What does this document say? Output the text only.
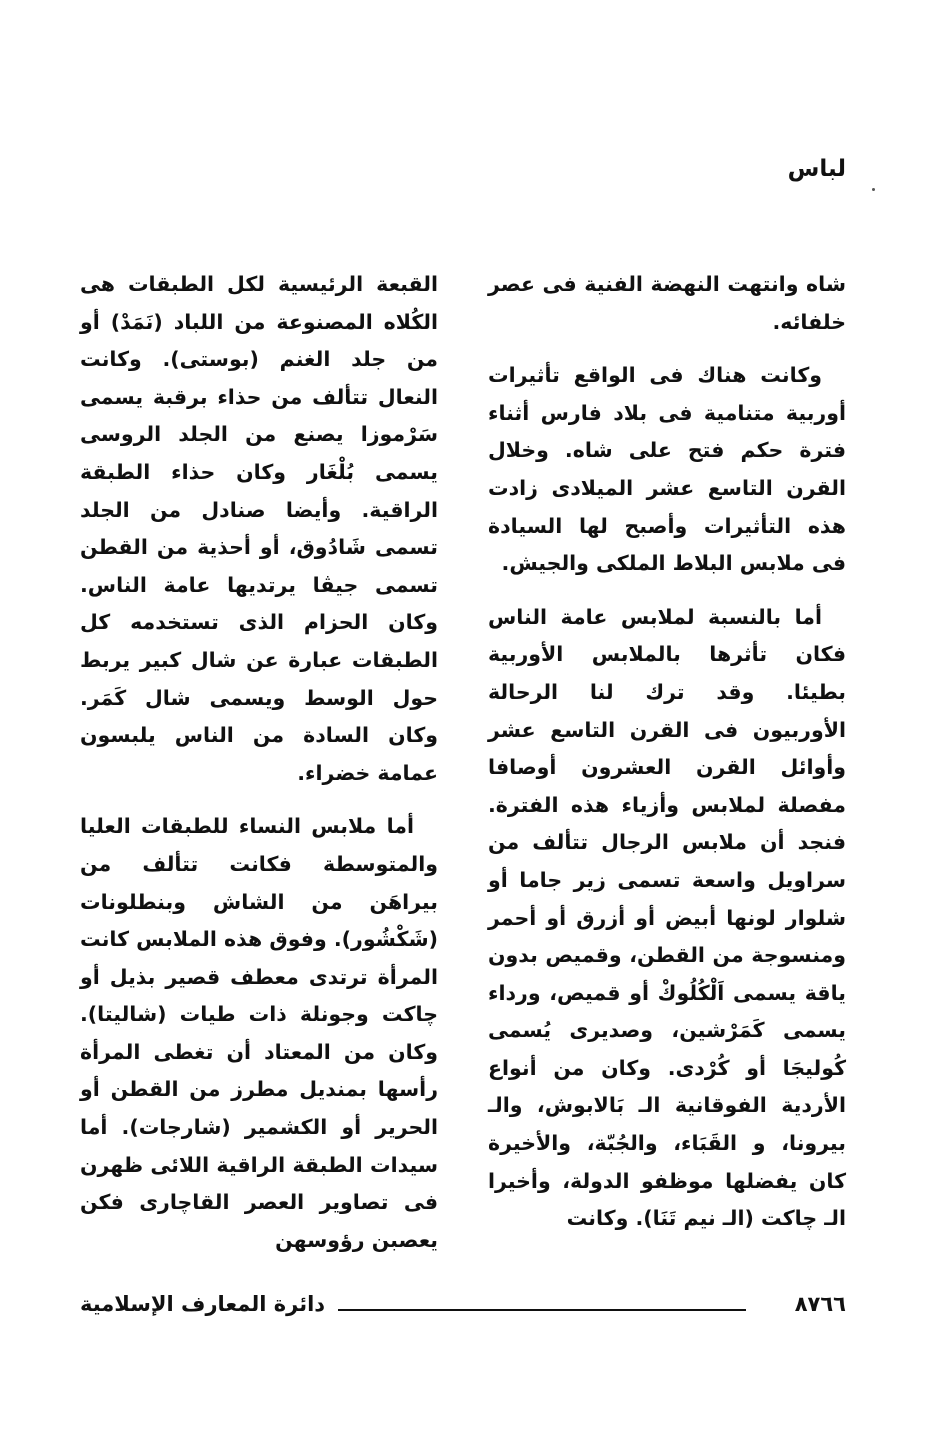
لباس

شاه وانتهت النهضة الفنية فى عصر خلفائه.

وكانت هناك فى الواقع تأثيرات أوربية متنامية فى بلاد فارس أثناء فترة حكم فتح على شاه. وخلال القرن التاسع عشر الميلادى زادت هذه التأثيرات وأصبح لها السيادة فى ملابس البلاط الملكى والجيش.

أما بالنسبة لملابس عامة الناس فكان تأثرها بالملابس الأوربية بطيئا. وقد ترك لنا الرحالة الأوربيون فى القرن التاسع عشر وأوائل القرن العشرون أوصافا مفصلة لملابس وأزياء هذه الفترة. فنجد أن ملابس الرجال تتألف من سراويل واسعة تسمى زير جاما أو شلوار لونها أبيض أو أزرق أو أحمر ومنسوجة من القطن، وقميص بدون ياقة يسمى اَلْكُلُوكْ أو قميص، ورداء يسمى كَمَرْشين، وصديرى يُسمى كُوليجَا أو كُرْدى. وكان من أنواع الأردية الفوقانية الـ بَالابوش، والـ بيرونا، و القَبَاء، والجُبّة، والأخيرة كان يفضلها موظفو الدولة، وأخيرا الـ چاكت (الـ نيم تَنَا). وكانت

القبعة الرئيسية لكل الطبقات هى الكُلاه المصنوعة من اللباد (نَمَدْ) أو من جلد الغنم (بوستى). وكانت النعال تتألف من حذاء برقبة يسمى سَرْموزا يصنع من الجلد الروسى يسمى بُلْغَار وكان حذاء الطبقة الراقية. وأيضا صنادل من الجلد تسمى شَادُوق، أو أحذية من القطن تسمى جيڤا يرتديها عامة الناس. وكان الحزام الذى تستخدمه كل الطبقات عبارة عن شال كبير يربط حول الوسط ويسمى شال كَمَر. وكان السادة من الناس يلبسون عمامة خضراء.

أما ملابس النساء للطبقات العليا والمتوسطة فكانت تتألف من بيراهَن من الشاش وبنطلونات (شَكْشُور). وفوق هذه الملابس كانت المرأة ترتدى معطف قصير بذيل أو چاكت وجونلة ذات طيات (شاليتا). وكان من المعتاد أن تغطى المرأة رأسها بمنديل مطرز من القطن أو الحرير أو الكشمير (شارجات). أما سيدات الطبقة الراقية اللائى ظهرن فى تصاوير العصر القاچارى فكن يعصبن رؤوسهن

٨٧٦٦
دائرة المعارف الإسلامية
